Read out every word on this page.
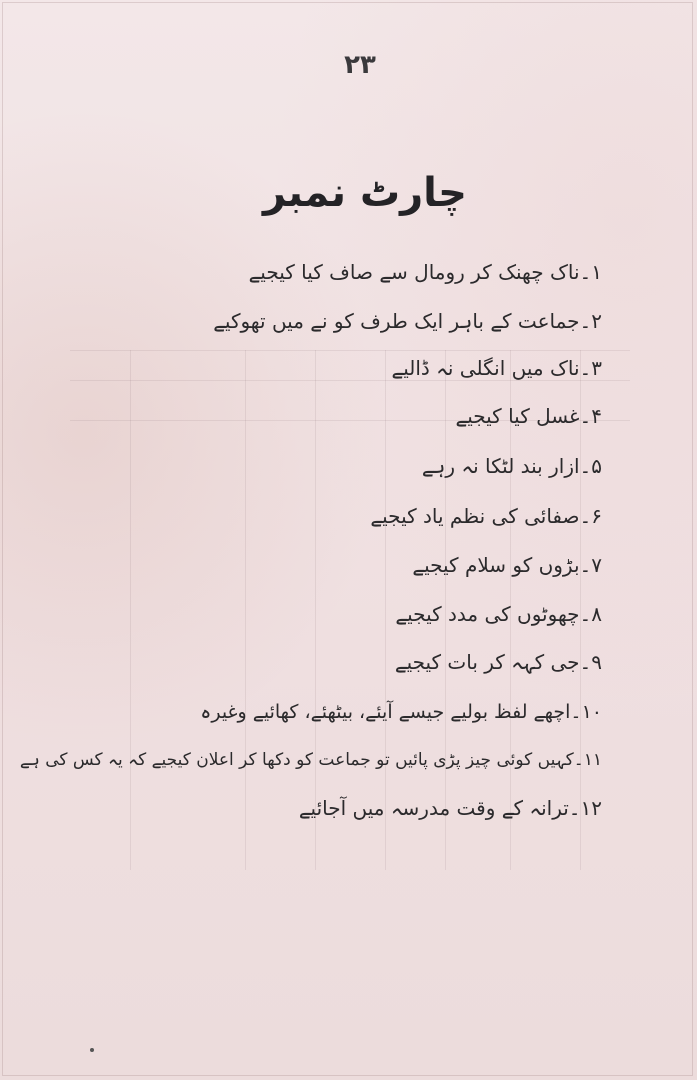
۲۳
چارٹ نمبر
۱۔ناک چھنک کر رومال سے صاف کیا کیجیے
۲۔جماعت کے باہر ایک طرف کو نے میں تھوکیے
۳۔ناک میں انگلی نہ ڈالیے
۴۔غسل کیا کیجیے
۵۔ازار بند لٹکا نہ رہے
۶۔صفائی کی نظم یاد کیجیے
۷۔بڑوں کو سلام کیجیے
۸۔چھوٹوں کی مدد کیجیے
۹۔جی کہہ کر بات کیجیے
۱۰۔اچھے لفظ بولیے جیسے آیئے، بیٹھئے، کھائیے وغیرہ
۱۱۔کہیں کوئی چیز پڑی پائیں تو جماعت کو دکھا کر اعلان کیجیے کہ یہ کس کی ہے
۱۲۔ترانہ کے وقت مدرسہ میں آجائیے
